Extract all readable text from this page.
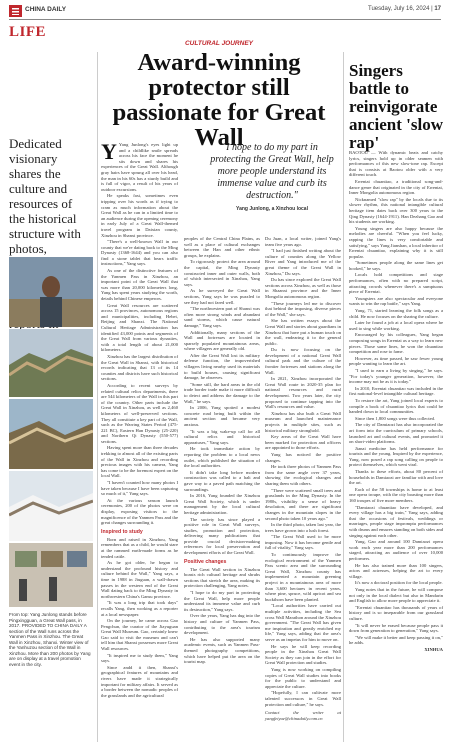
CHINA DAILY	Tuesday, July 16, 2024 | 17
LIFE
CULTURAL JOURNEY
Award-winning protector still passionate for Great Wall
Dedicated visionary shares the culture and resources of the historical structure with photos,
From top: Yang Junlong stands before Pingxingguan, a Great Wall pass, in 2017. PROVIDED TO CHINA DAILY A section of the Wall runs across the Yanmen Pass in Xinzhou. The Great Wall in Xinzhou, Shanxi. Winter view of the Yanhuzou section of the Wall in Xinzhou. More than 200 photos by Yang are on display at a travel promotion event in the city.

Y Yang Junlong's eyes light up and a childlike smile spreads across his face the moment he sits down and shares his experiences of the Great Wall. Although gray hairs have sprung all over his head, the man in his 60s has a sturdy build and is full of vigor, a result of his years of outdoor excursions.

He speaks fast, sometimes even tripping over his words as if trying to cram as much information about the Great Wall as he can in a limited time to an audience during the opening ceremony in early July of a Great Wall-themed travel program in Daixian county, Xinzhou in Shanxi province.

"There's a well-known Wall in our county that we're dating back to the Ming Dynasty (1368-1644) and you can also find a stone tablet that bears traffic instructions," Yang says.

As one of the distinctive features of the Yanmen Pass in Xinzhou, an important point of the Great Wall that was more than 20,000 kilometers long, Yang has spent years studying the worth, details behind Chinese emperors.

Great Wall resources are scattered across 15 provinces, autonomous regions and municipalities, including Hebei, Beijing and Shanxi. The National Cultural Heritage Administration has identified 43,000 points and segments of the Great Wall from various dynasties, with a total length of about 21,000 kilometers.

Xinzhou has the largest distribution of the Great Wall in Shanxi, with historical records indicating that 13 of its 14 counties and districts have such historical sections.

According to recent surveys by related cultural relics departments, there are 544 kilometers of the Wall in this part of the country. Other parts include the Great Wall in Xinzhou, as well as 2,460 kilometers of well-preserved sections. They all constitute a key part of the Wall, such as the Warring States Period (475-221 BC), Eastern Han Dynasty (25-220) and Northern Qi Dynasty (550-577) sections.

Having spent more than three decades trekking to almost all of the existing parts of the Wall in Xinzhou and recording precious images with his camera, Yang has come to be the foremost expert on the local Wall.

"I haven't counted how many photos I have taken because I have been capturing so much of it," Yang says.

At the various season launch ceremonies, 200 of the photos were on display, exposing visitors to the magnificence of the Yanmen Pass and the great changes surrounding it.

Inspired to study

Born and raised in Xinzhou, Yang remembers that as a child, he would stare at the rammed earth-made forms as he tended cattle.

As he got older, he began to understand the profound history and culture behind the Wall," Yang says, a time in 1988 in Jiuguan, a wall-drawn passes in the western end of the Great Wall dating back to the Ming Dynasty in northwestern China's Gansu province.

"It was a long trip that took days" recalls Yang, then working as a reporter at a local newspaper.

On the journey, he came across Gao Pengchun, the curator of the Jiayuguan Great Wall Museum. Gao, certainly knew Gao said to visit the museum and can't tell him that Shanxi possesses more Great Wall resources.

"It inspired me to study them," Yang says.

Since andd it then, Shanxi's geographical features of mountains and rivers have made it strategically important for military affairs. It served as a border between the nomadic peoples of the grasslands and the agricultural

I hope to do my part in protecting the Great Wall, help more people understand its immense value and curb its destruction."
Yang Junlong, a Xinzhou local

peoples of the Central China Plains, as well as a place of cultural exchanges between the Han and other ethnic groups, he explains.

To rigorously protect the area around the capital, the Ming Dynasty constructed inner and outer walls, both of which intersected in Xinzhou, Yang says.

As he surveyed the Great Wall sections, Yang says he was puzzled to see they had not fared well.

"The northwestern part of Shanxi was often more strong winds and abundant sand storms, which cause natural damage," Yang says.

Additionally, many sections of the Wall and fortresses are located in sparsely populated mountainous areas, where villagers are generally old.

After the Great Wall lost its military defense function, the impoverished villagers living nearby used its materials to build houses, causing significant damage, he observes.

"Some still, the hard areas in the old trade border trade make it more difficult to detect and address the damage to the Wall," he says.

In 2006, Yang spotted a modest concrete road being built within the ancient section and became very anxious.

"It was a big wake-up call for all cultural relics and historical apparatuses," Yang says.

He took immediate action by reporting the problem to a local news outlet, which published the situation of the local authorities.

It didn't take long before modern construction was called to a halt and gave way to a paved path matching the surroundings.

In 2016, Yang founded the Xinzhou Great Wall Society, which is under management by the local cultural heritage administration.

The society has since played a positive role in Great Wall surveys, studies, promotion and protection, delivering many publications that provide crucial decision-making references for local preservation and development efforts of the Great Wall.

Positive changes

The Great Wall section in Xinzhou boasts rich cultural heritage and shrubs sections that stretch the area, making its protection challenging, Yang notes.

"I hope to do my part in protecting the Great Wall, help more people understand its immense value and curb its destruction," Yang says.

Over the years, Yang has dug into the history and culture of Yanmen Pass, contributing to the area's tourism development.

He has also supported many academic events, such as Yanmen Pass-themed photography competitions, which have helped put the area on the tourist map.

Du Juan, a local writer, joined Yang's team five years ago.

"I had just finished writing about the culture of counties along the Yellow River and Yang introduced me of the great theme of the Great Wall in Xinzhou," Du says.

Du has since explored the Great Wall sections across Xinzhou, as well as those in Shaanxi province and the Inner Mongolia autonomous region.

"These journeys led me to discover that behind the imposing, diverse pieces of the Wall," she says.

She has written essays about the Great Wall and stories about guardians in Xinzhou that have put a human touch on the wall, endearing it to the general public.

Du is now focusing on the development of a national Great Wall cultural park and the culture of the frontier fortresses and stations along the Wall.

In 2021, Xinzhou incorporated the Great Wall route in 2020-35 plan for national resources and rural development. Two years later, the city proposed to continue tapping into the Wall's resources and value.

Xinzhou has also built a Great Wall museum and launched maintenance projects in multiple sites, such as historical military stronghold.

Key areas of the Great Wall have been marked for protection and officers are appointed to those efforts.

Yang has noticed the positive changes.

He took three photos of Yanmen Pass from the same angle over 37 years, showing the ecological changes and sharing them with others.

"There were scattered small trees and grasslands in the Ming Dynasty. In the 1980s, visibility a sense of heavy desolation, and there are significant changes in the mountain slopes in the second photo taken 10 years ago."

In the third photo, taken last year, the trees have grown into a lush forest.

"The Great Wall used to be more imposing. Now it has become gentle and full of vitality," Yang says.

To continuously improve the ecological environment of the Yanmen Pass scenic area and the surrounding Great Wall, Xinzhou county has implemented a mountain greening project in a mountainous area of more than 3,600 hectares in recent years, where pine, spruce, wild apricot and sea buckthorn have been planted.

"Local authorities have carried out multiple activities, including the Sea cross Wall Marathon around the Xinzhou government. "The Great Wall has given me inspiration and greatly enriched my life," Yang says, adding that the area's serve as an impetus for him to move on.

He says he will keep recording people in the Xinzhou Great Wall Society as they can join in the effort for Great Wall protection and studies.

Yang is now working on compiling copies of Great Wall studies into books for the public to understand and appreciate the culture.

"Hopefully, I can cultivate more talented successors in Great Wall protection and culture," he says.

Contact the writer at yangfeiyue@chinadaily.com.cn

Singers battle to reinvigorate ancient 'slow rap'

BAOTOU — With dynamic beats and catchy lyrics, singers hold up in older seamen with performances of this new slow-tone rap. Except that is consists at Baotou older with a very different touch.

Errentai chuantiao, a traditional song-and-dance genre that originated in the city of Errentai, Inner Mongolia autonomous region.

Nicknamed "slow rap" by the locals due to its slower rhythm, this national intangible cultural heritage item dates back over 300 years to the Qing Dynasty (1644-1911). Han Dezhang Gao and his students are working.

Young singers are also happy because the melodies are cheerful. "When you feel lucky, rapping the lines is very comfortable and satisfying," says Yang Jianshan, a local inheritor of Errentai chuantiao, explaining why it is still popular.

"Sometimes people along the same lines get hooked," he says.

Locals hold competitions and stage performances, often with no prepared script, attracting crowds whenever there's a sumptuous piece of Errentai.

Youngsters are also spectacular and everyone wants to win the rap battle," says Yang.

Yang, 71, started learning the folk songs as a child. He now focuses on the sharing the culture.

Later he found a job at a local opera where he used to sing while working.

Encouraged by his colleagues, Yang began composing songs in Errentai as a way to learn new pieces. Those same lines, he won the chuantiao competition and rose to fame.

However, as time passed, he saw fewer young people wanting to learn the art.

"I used to earn a living by singing," he says. "For today's younger generation, however, the income may not be as it is today."

In 2010, Errentai chuantiao was included in the first national-level intangible cultural heritage.

To restore the art, Yang joined local experts to compile a book of chuantiao lyrics that could be handed down to local communities.

Since then 1,800 songs were thus collected.

The city of Damiaozi has also incorporated the art form into the curriculum of primary schools, launched art and cultural events, and promoted it on short-video platforms.

Jianai medicine has held performance for tourists and the young. Inspired by the experience, Yang, now posed a rap song calling on people to protect themselves, which went viral.

Thanks to these efforts, about 80 percent of households in Damiaozi are familiar with and love the art.

Each of the 58 townships is home to at least one opera troupe, with the city boasting more than 160 troupes of five more members.

"Damiaozi chuantiao have developed, and every village has a big train," Yang says, adding that the occasions of festivals, weddings or marriages, people stage impromptu performances with drums and ensures standing on both sides and singing against each other.

Yang, Gao and around 100 Damiaozi opera work each year more than 200 performances staged, attracting an audience of over 10,000 performers.

He has also trained more than 100 singers, actors and actresses, helping the art to every village.

It's now a doctoral position for the local people.

Yang notes that in the future, he will compose not only in the local dialect but also in Mandarin and English to allow more people to appreciate it.

"Errentai chuantiao has thousands of years of history and is so inseparable from our grassland culture.

"It will never be erased because people pass it down from generation to generation," Yang says.

"We will make it better and keep passing it on," he adds.

XINHUA
